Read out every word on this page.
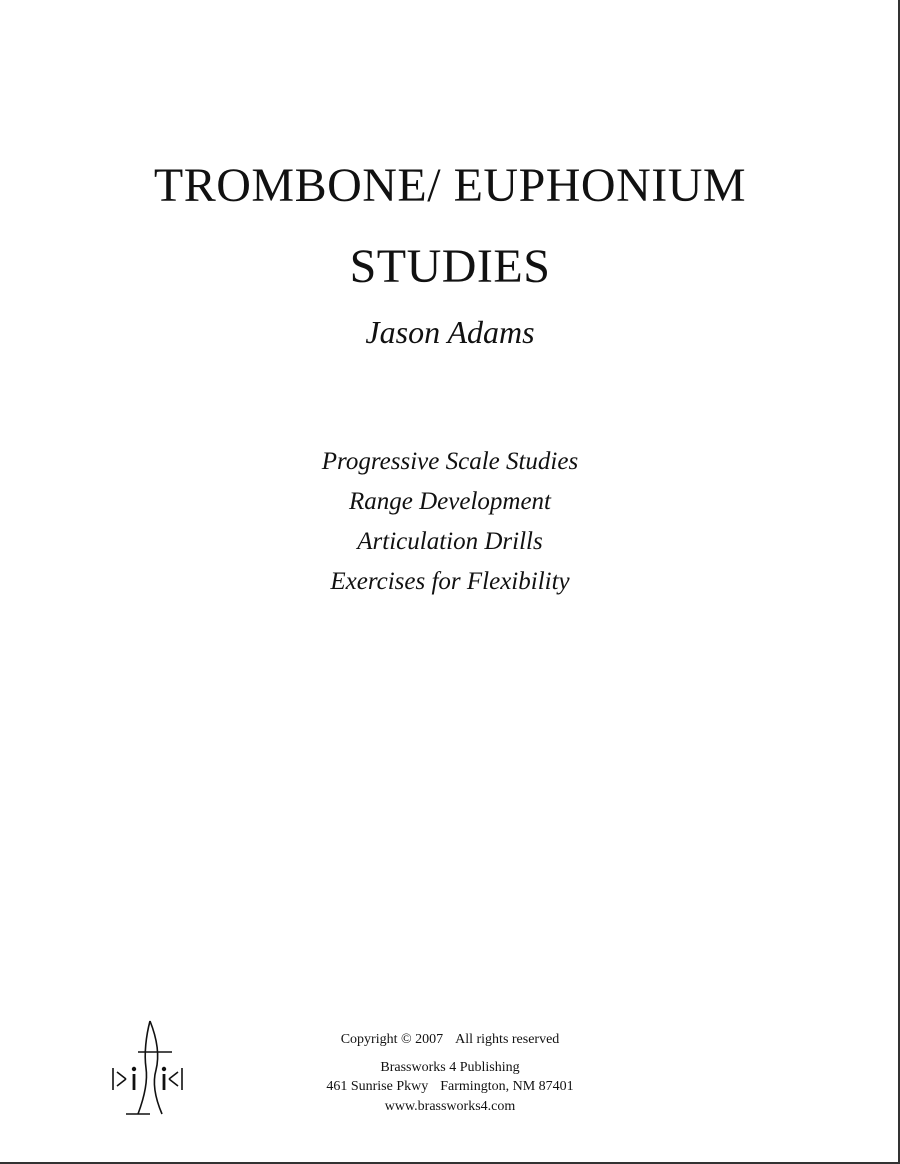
TROMBONE/ EUPHONIUM
STUDIES
Jason Adams
Progressive Scale Studies
Range Development
Articulation Drills
Exercises for Flexibility
Copyright © 2007 All rights reserved
Brassworks 4 Publishing
461 Sunrise Pkwy Farmington, NM 87401
www.brassworks4.com
